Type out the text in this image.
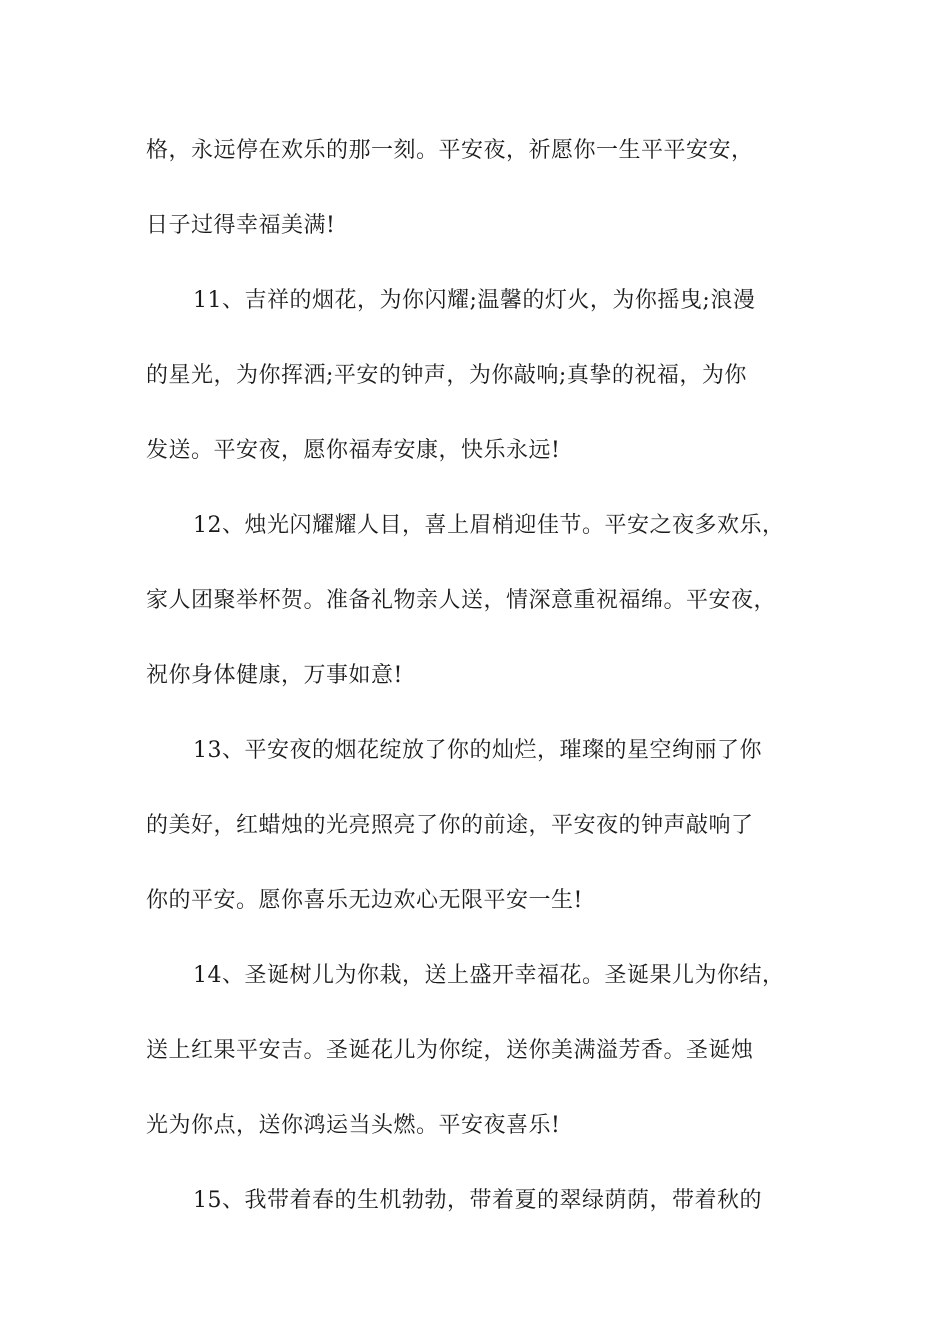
格，永远停在欢乐的那一刻。平安夜，祈愿你一生平平安安，
日子过得幸福美满!
11、吉祥的烟花，为你闪耀;温馨的灯火，为你摇曳;浪漫
的星光，为你挥洒;平安的钟声，为你敲响;真挚的祝福，为你
发送。平安夜，愿你福寿安康，快乐永远!
12、烛光闪耀耀人目，喜上眉梢迎佳节。平安之夜多欢乐，
家人团聚举杯贺。准备礼物亲人送，情深意重祝福绵。平安夜，
祝你身体健康，万事如意!
13、平安夜的烟花绽放了你的灿烂，璀璨的星空绚丽了你
的美好，红蜡烛的光亮照亮了你的前途，平安夜的钟声敲响了
你的平安。愿你喜乐无边欢心无限平安一生!
14、圣诞树儿为你栽，送上盛开幸福花。圣诞果儿为你结，
送上红果平安吉。圣诞花儿为你绽，送你美满溢芳香。圣诞烛
光为你点，送你鸿运当头燃。平安夜喜乐!
15、我带着春的生机勃勃，带着夏的翠绿荫荫，带着秋的
